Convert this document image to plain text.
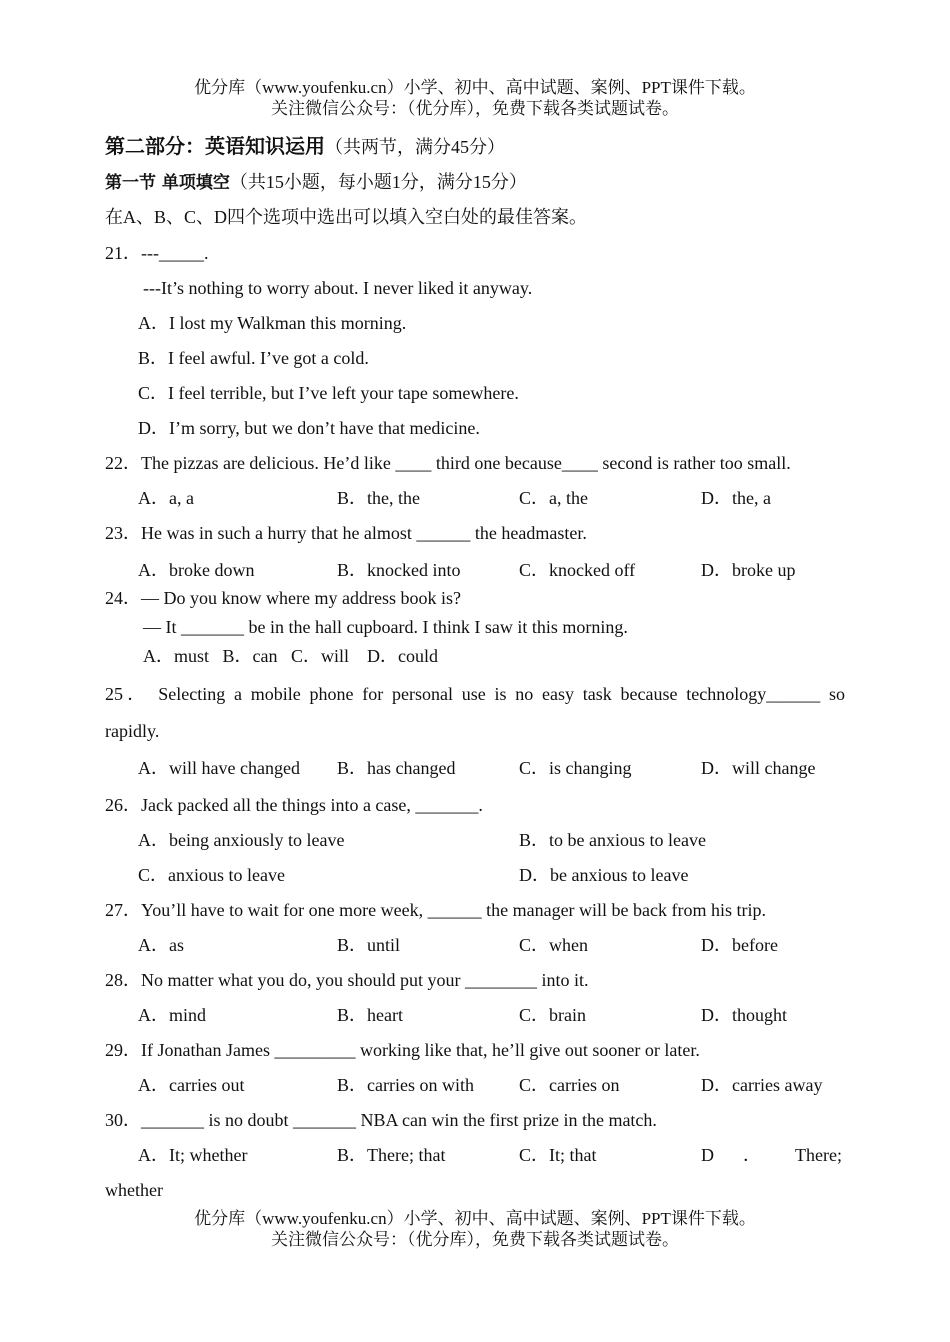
优分库（www.youfenku.cn）小学、初中、高中试题、案例、PPT课件下载。
关注微信公众号：（优分库），免费下载各类试题试卷。
第二部分：英语知识运用（共两节，满分45分）
第一节 单项填空（共15小题，每小题1分，满分15分）
在A、B、C、D四个选项中选出可以填入空白处的最佳答案。
21．---_____.
---It’s nothing to worry about. I never liked it anyway.
A．I lost my Walkman this morning.
B．I feel awful. I’ve got a cold.
C．I feel terrible, but I’ve left your tape somewhere.
D．I’m sorry, but we don’t have that medicine.
22．The pizzas are delicious. He’d like ____ third one because____ second is rather too small.
A．a, a	B．the, the	C．a, the	D．the, a
23．He was in such a hurry that he almost ______ the headmaster.
A．broke down	B．knocked into	C．knocked off	D．broke up
24．— Do you know where my address book is?
— It _______ be in the hall cupboard. I think I saw it this morning.
A．must   B．can   C．will    D．could
25． Selecting a mobile phone for personal use is no easy task because technology______ so
rapidly.
A．will have changed B．has changed	C．is changing	D．will change
26．Jack packed all the things into a case, _______.
A．being anxiously to leave	B．to be anxious to leave
C．anxious to leave	D．be anxious to leave
27．You’ll have to wait for one more week, ______ the manager will be back from his trip.
A．as	B．until	C．when	D．before
28．No matter what you do, you should put your ________ into it.
A．mind	B．heart	C．brain	D．thought
29．If Jonathan James _________ working like that, he’ll give out sooner or later.
A．carries out	B．carries on with	C．carries on	D．carries away
30．_______ is no doubt _______ NBA can win the first prize in the match.
A．It; whether	B．There; that	C．It; that	D ． There;
whether
优分库（www.youfenku.cn）小学、初中、高中试题、案例、PPT课件下载。
关注微信公众号：（优分库），免费下载各类试题试卷。
